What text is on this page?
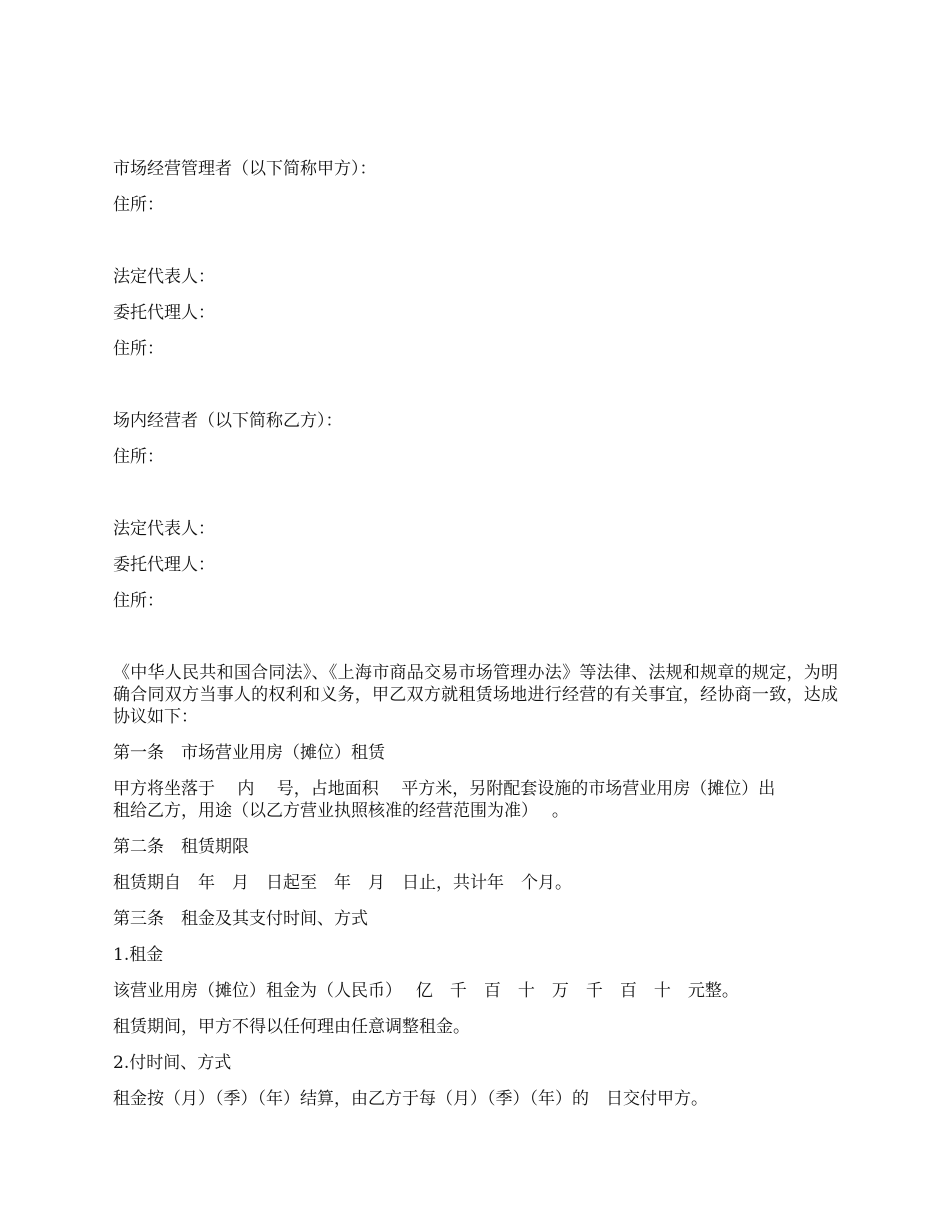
市场经营管理者（以下简称甲方）：

住所：

法定代表人：

委托代理人：

住所：

场内经营者（以下简称乙方）：

住所：

法定代表人：

委托代理人：

住所：

《中华人民共和国合同法》、《上海市商品交易市场管理办法》等法律、法规和规章的规定，为明确合同双方当事人的权利和义务，甲乙双方就租赁场地进行经营的有关事宜，经协商一致，达成协议如下：

第一条　市场营业用房（摊位）租赁

甲方将坐落于　 内　 号，占地面积　 平方米，另附配套设施的市场营业用房（摊位）出

租给乙方，用途（以乙方营业执照核准的经营范围为准）　 。

第二条　租赁期限

租赁期自　年　月　日起至　年　月　日止，共计年　个月。

第三条　租金及其支付时间、方式

1.租金

该营业用房（摊位）租金为（人民币）　 亿　千　百　十　万　千　百　十　元整。

租赁期间，甲方不得以任何理由任意调整租金。

2.付时间、方式

租金按（月）（季）（年）结算，由乙方于每（月）（季）（年）的　日交付甲方。
